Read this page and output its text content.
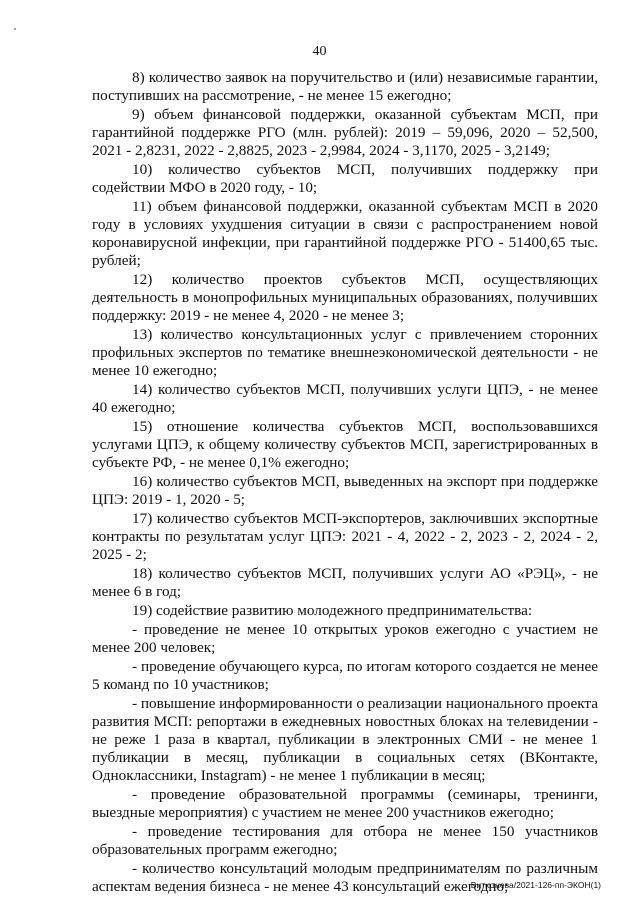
40

8) количество заявок на поручительство и (или) независимые гарантии, поступивших на рассмотрение, - не менее 15 ежегодно;

9) объем финансовой поддержки, оказанной субъектам МСП, при гарантийной поддержке РГО (млн. рублей): 2019 – 59,096, 2020 – 52,500, 2021 - 2,8231, 2022 - 2,8825, 2023 - 2,9984, 2024 - 3,1170, 2025 - 3,2149;

10) количество субъектов МСП, получивших поддержку при содействии МФО в 2020 году, - 10;

11) объем финансовой поддержки, оказанной субъектам МСП в 2020 году в условиях ухудшения ситуации в связи с распространением новой коронавирусной инфекции, при гарантийной поддержке РГО - 51400,65 тыс. рублей;

12) количество проектов субъектов МСП, осуществляющих деятельность в монопрофильных муниципальных образованиях, получивших поддержку: 2019 - не менее 4, 2020 - не менее 3;

13) количество консультационных услуг с привлечением сторонних профильных экспертов по тематике внешнеэкономической деятельности - не менее 10 ежегодно;

14) количество субъектов МСП, получивших услуги ЦПЭ, - не менее 40 ежегодно;

15) отношение количества субъектов МСП, воспользовавшихся услугами ЦПЭ, к общему количеству субъектов МСП, зарегистрированных в субъекте РФ, - не менее 0,1% ежегодно;

16) количество субъектов МСП, выведенных на экспорт при поддержке ЦПЭ: 2019 - 1, 2020 - 5;

17) количество субъектов МСП-экспортеров, заключивших экспортные контракты по результатам услуг ЦПЭ: 2021 - 4, 2022 - 2, 2023 - 2, 2024 - 2, 2025 - 2;

18) количество субъектов МСП, получивших услуги АО «РЭЦ», - не менее 6 в год;

19) содействие развитию молодежного предпринимательства:

- проведение не менее 10 открытых уроков ежегодно с участием не менее 200 человек;

- проведение обучающего курса, по итогам которого создается не менее 5 команд по 10 участников;

- повышение информированности о реализации национального проекта развития МСП: репортажи в ежедневных новостных блоках на телевидении - не реже 1 раза в квартал, публикации в электронных СМИ - не менее 1 публикации в месяц, публикации в социальных сетях (ВКонтакте, Одноклассники, Instagram) - не менее 1 публикации в месяц;

- проведение образовательной программы (семинары, тренинги, выездные мероприятия) с участием не менее 200 участников ежегодно;

- проведение тестирования для отбора не менее 150 участников образовательных программ ежегодно;

- количество консультаций молодым предпринимателям по различным аспектам ведения бизнеса - не менее 43 консультаций ежегодно;

Витютнева/2021-126-пп-ЭКОН(1)
